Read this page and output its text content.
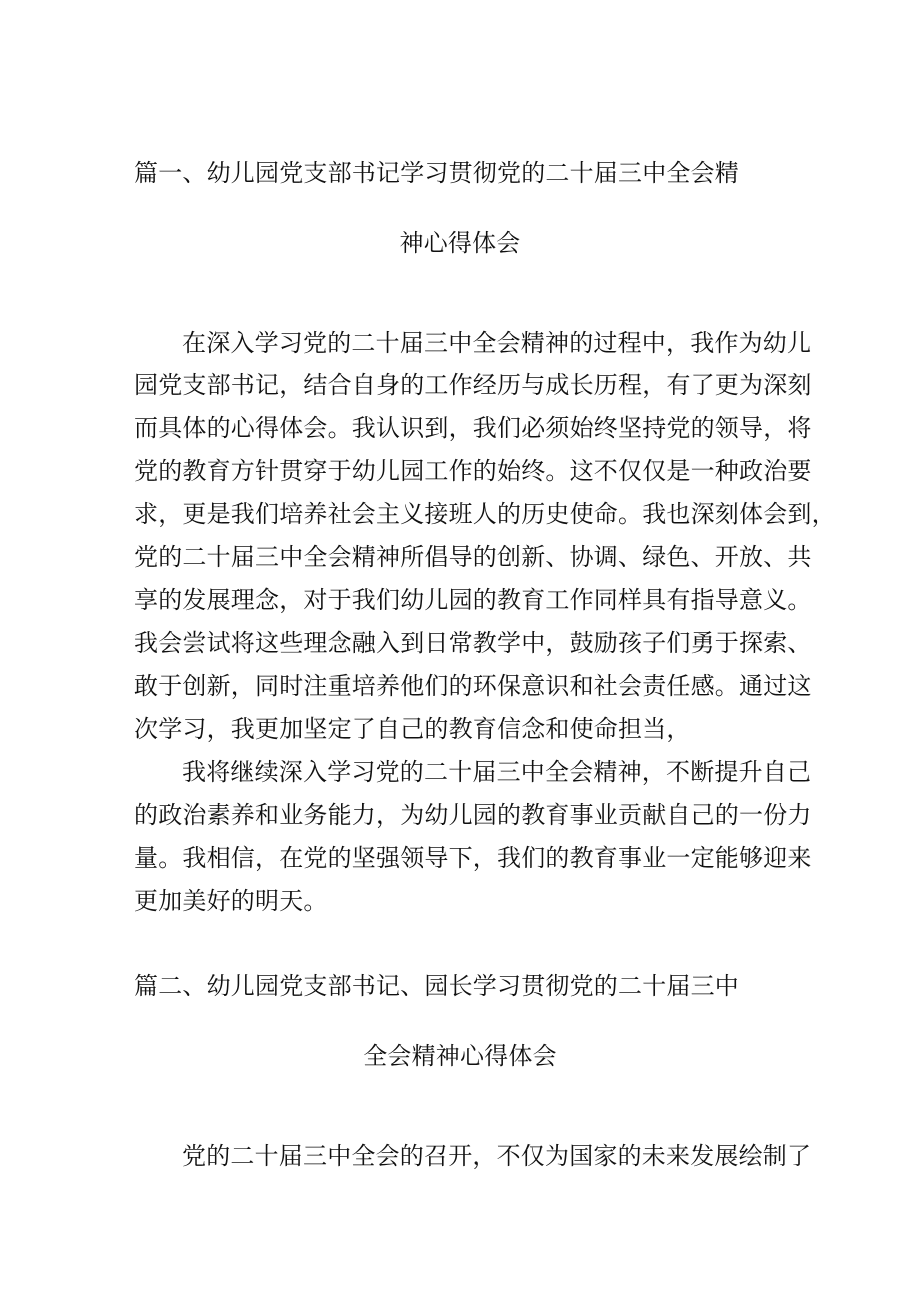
篇一、幼儿园党支部书记学习贯彻党的二十届三中全会精
神心得体会
在深入学习党的二十届三中全会精神的过程中，我作为幼儿
园党支部书记，结合自身的工作经历与成长历程，有了更为深刻
而具体的心得体会。我认识到，我们必须始终坚持党的领导，将
党的教育方针贯穿于幼儿园工作的始终。这不仅仅是一种政治要
求，更是我们培养社会主义接班人的历史使命。我也深刻体会到，
党的二十届三中全会精神所倡导的创新、协调、绿色、开放、共
享的发展理念，对于我们幼儿园的教育工作同样具有指导意义。
我会尝试将这些理念融入到日常教学中，鼓励孩子们勇于探索、
敢于创新，同时注重培养他们的环保意识和社会责任感。通过这
次学习，我更加坚定了自己的教育信念和使命担当，
我将继续深入学习党的二十届三中全会精神，不断提升自己
的政治素养和业务能力，为幼儿园的教育事业贡献自己的一份力
量。我相信，在党的坚强领导下，我们的教育事业一定能够迎来
更加美好的明天。
篇二、幼儿园党支部书记、园长学习贯彻党的二十届三中
全会精神心得体会
党的二十届三中全会的召开，不仅为国家的未来发展绘制了
